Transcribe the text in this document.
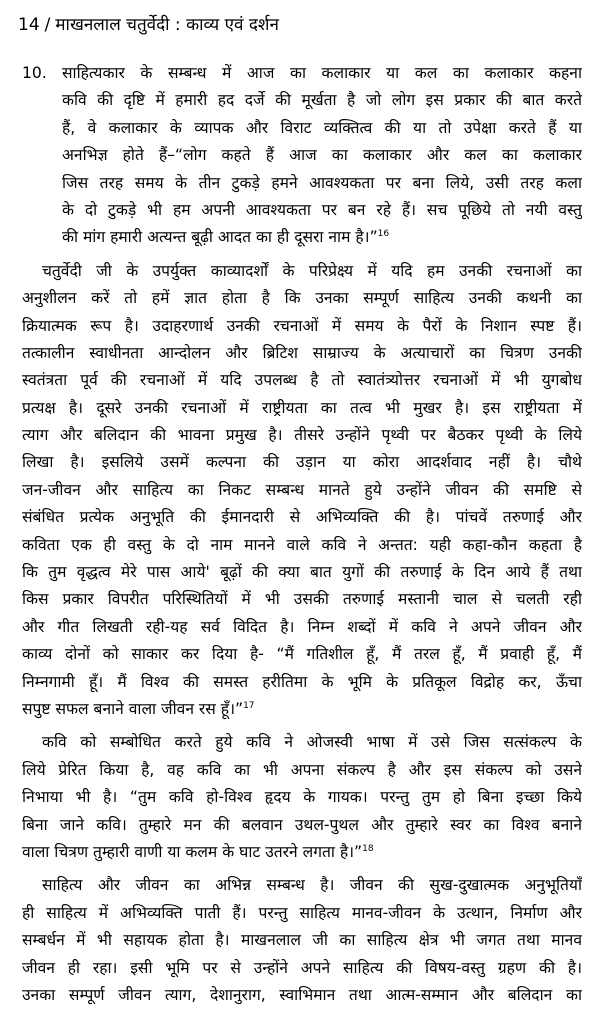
14 / माखनलाल चतुर्वेदी : काव्य एवं दर्शन
10. साहित्यकार के सम्बन्ध में आज का कलाकार या कल का कलाकार कहना
कवि की दृष्टि में हमारी हद दर्जे की मूर्खता है जो लोग इस प्रकार की बात करते
हैं, वे कलाकार के व्यापक और विराट व्यक्तित्व की या तो उपेक्षा करते हैं या
अनभिज्ञ होते हैं–“लोग कहते हैं आज का कलाकार और कल का कलाकार
जिस तरह समय के तीन टुकड़े हमने आवश्यकता पर बना लिये, उसी तरह कला
के दो टुकड़े भी हम अपनी आवश्यकता पर बन रहे हैं। सच पूछिये तो नयी वस्तु
की मांग हमारी अत्यन्त बूढ़ी आदत का ही दूसरा नाम है।”$^{16}$
चतुर्वेदी जी के उपर्युक्त काव्यादर्शों के परिप्रेक्ष्य में यदि हम उनकी रचनाओं का
अनुशीलन करें तो हमें ज्ञात होता है कि उनका सम्पूर्ण साहित्य उनकी कथनी का
क्रियात्मक रूप है। उदाहरणार्थ उनकी रचनाओं में समय के पैरों के निशान स्पष्ट हैं।
तत्कालीन स्वाधीनता आन्दोलन और ब्रिटिश साम्राज्य के अत्याचारों का चित्रण उनकी
स्वतंत्रता पूर्व की रचनाओं में यदि उपलब्ध है तो स्वातंत्र्योत्तर रचनाओं में भी युगबोध
प्रत्यक्ष है। दूसरे उनकी रचनाओं में राष्ट्रीयता का तत्व भी मुखर है। इस राष्ट्रीयता में
त्याग और बलिदान की भावना प्रमुख है। तीसरे उन्होंने पृथ्वी पर बैठकर पृथ्वी के लिये
लिखा है। इसलिये उसमें कल्पना की उड़ान या कोरा आदर्शवाद नहीं है। चौथे
जन-जीवन और साहित्य का निकट सम्बन्ध मानते हुये उन्होंने जीवन की समष्टि से
संबंधित प्रत्येक अनुभूति की ईमानदारी से अभिव्यक्ति की है। पांचवें तरुणाई और
कविता एक ही वस्तु के दो नाम मानने वाले कवि ने अन्तत: यही कहा-कौन कहता है
कि तुम वृद्धत्व मेरे पास आये' बूढ़ों की क्या बात युगों की तरुणाई के दिन आये हैं तथा
किस प्रकार विपरीत परिस्थितियों में भी उसकी तरुणाई मस्तानी चाल से चलती रही
और गीत लिखती रही-यह सर्व विदित है। निम्न शब्दों में कवि ने अपने जीवन और
काव्य दोनों को साकार कर दिया है- “मैं गतिशील हूँ, मैं तरल हूँ, मैं प्रवाही हूँ, मैं
निम्नगामी हूँ। मैं विश्व की समस्त हरीतिमा के भूमि के प्रतिकूल विद्रोह कर, ऊँचा
सपुष्ट सफल बनाने वाला जीवन रस हूँ।”$^{17}$
कवि को सम्बोधित करते हुये कवि ने ओजस्वी भाषा में उसे जिस सत्संकल्प के
लिये प्रेरित किया है, वह कवि का भी अपना संकल्प है और इस संकल्प को उसने
निभाया भी है। “तुम कवि हो-विश्व हृदय के गायक। परन्तु तुम हो बिना इच्छा किये
बिना जाने कवि। तुम्हारे मन की बलवान उथल-पुथल और तुम्हारे स्वर का विश्व बनाने
वाला चित्रण तुम्हारी वाणी या कलम के घाट उतरने लगता है।”$^{18}$
साहित्य और जीवन का अभिन्न सम्बन्ध है। जीवन की सुख-दुखात्मक अनुभूतियाँ
ही साहित्य में अभिव्यक्ति पाती हैं। परन्तु साहित्य मानव-जीवन के उत्थान, निर्माण और
सम्बर्धन में भी सहायक होता है। माखनलाल जी का साहित्य क्षेत्र भी जगत तथा मानव
जीवन ही रहा। इसी भूमि पर से उन्होंने अपने साहित्य की विषय-वस्तु ग्रहण की है।
उनका सम्पूर्ण जीवन त्याग, देशानुराग, स्वाभिमान तथा आत्म-सम्मान और बलिदान का
